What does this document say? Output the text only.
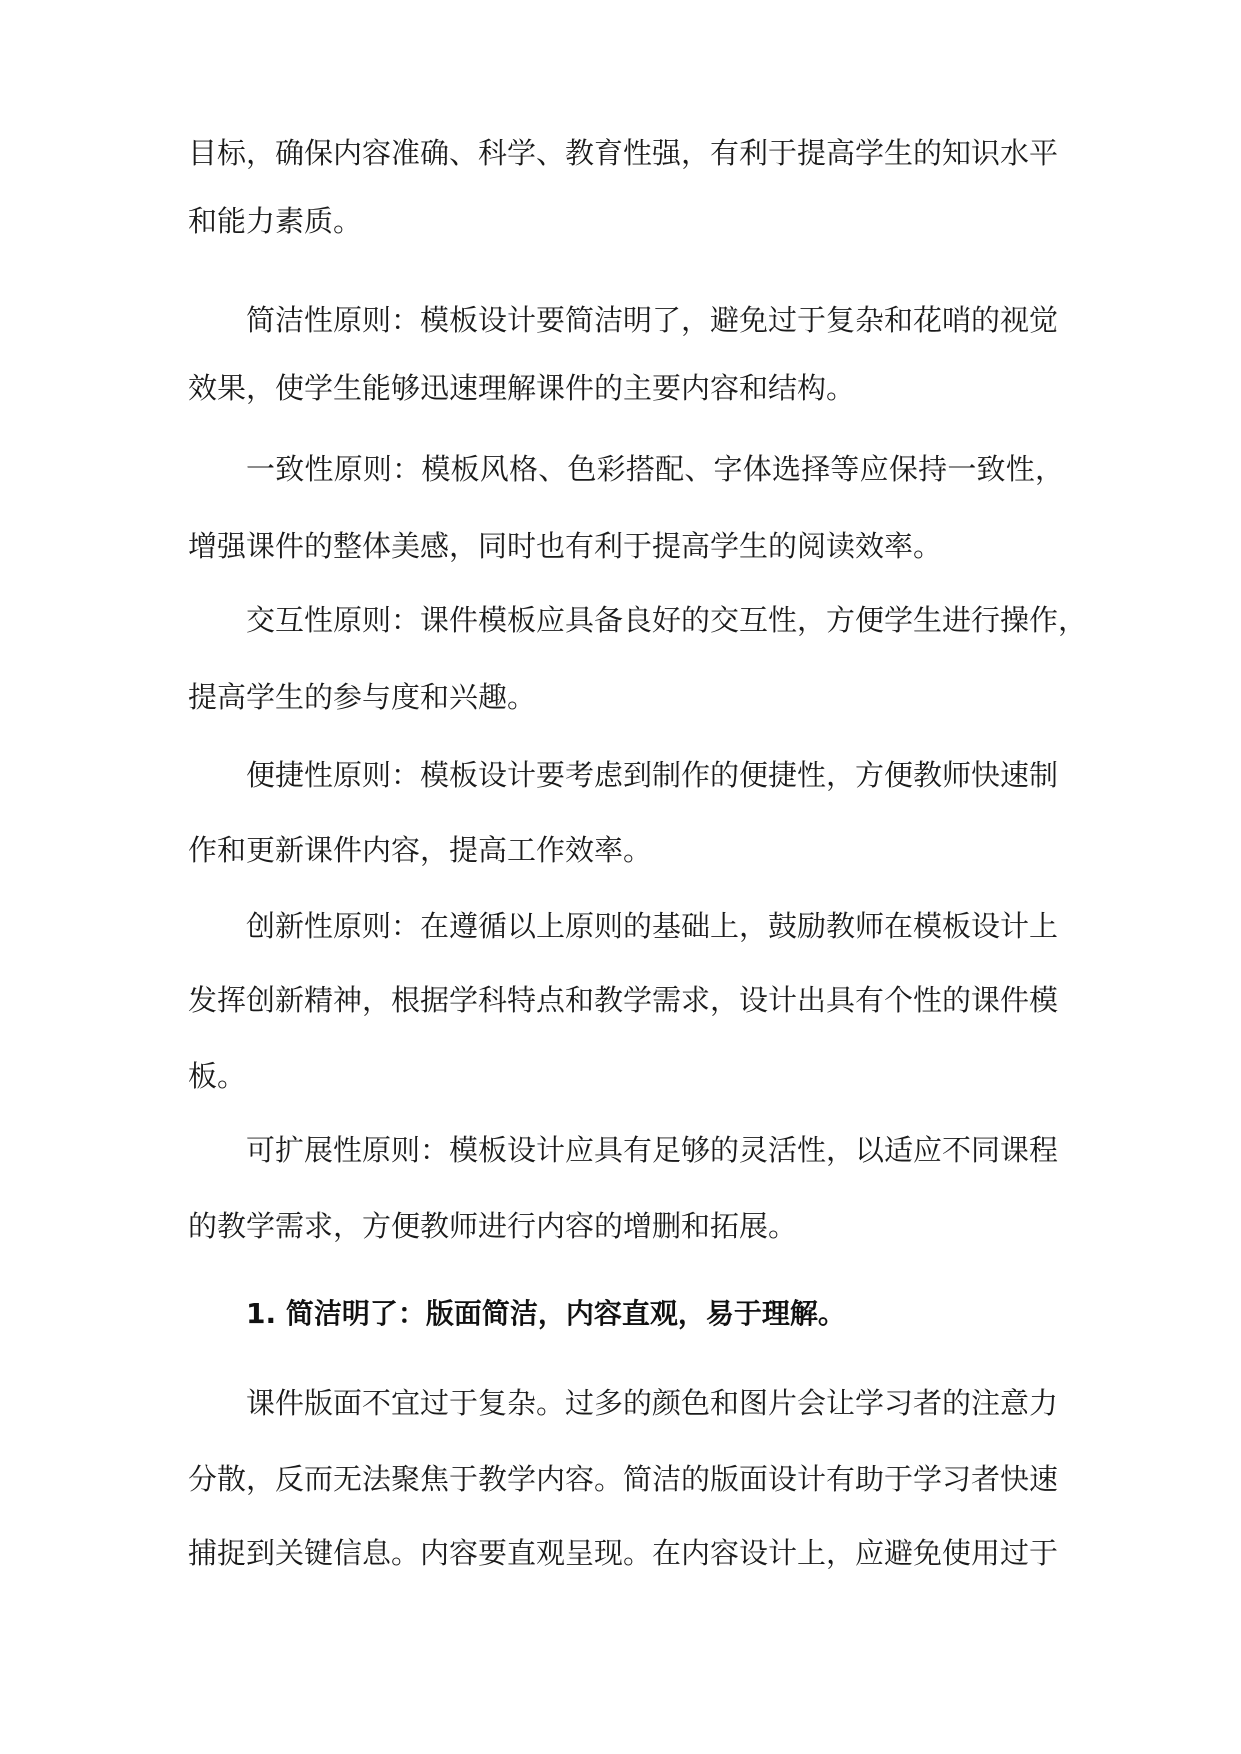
目标，确保内容准确、科学、教育性强，有利于提高学生的知识水平

和能力素质。

简洁性原则：模板设计要简洁明了，避免过于复杂和花哨的视觉

效果，使学生能够迅速理解课件的主要内容和结构。

一致性原则：模板风格、色彩搭配、字体选择等应保持一致性，

增强课件的整体美感，同时也有利于提高学生的阅读效率。

交互性原则：课件模板应具备良好的交互性，方便学生进行操作，

提高学生的参与度和兴趣。

便捷性原则：模板设计要考虑到制作的便捷性，方便教师快速制

作和更新课件内容，提高工作效率。

创新性原则：在遵循以上原则的基础上，鼓励教师在模板设计上

发挥创新精神，根据学科特点和教学需求，设计出具有个性的课件模

板。

可扩展性原则：模板设计应具有足够的灵活性，以适应不同课程

的教学需求，方便教师进行内容的增删和拓展。

1. 简洁明了：版面简洁，内容直观，易于理解。

课件版面不宜过于复杂。过多的颜色和图片会让学习者的注意力

分散，反而无法聚焦于教学内容。简洁的版面设计有助于学习者快速

捕捉到关键信息。内容要直观呈现。在内容设计上，应避免使用过于
